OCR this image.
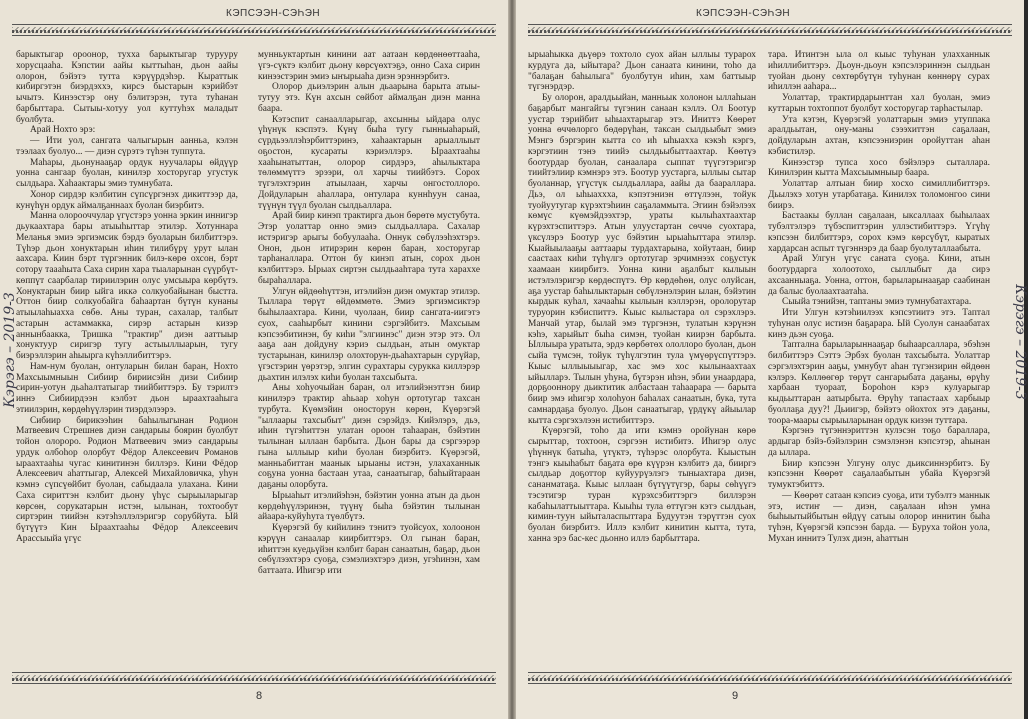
КЭПСЭЭН-СЭҺЭН

барыктыгар ороонор, тухха барыктыгар турууру хорусцааһа. Кэпстии аайы кыттыhан, дьон аайы олорон, бэйэтэ тутта кэрүүрдэһэр. Кыраттык кибиргэтэн биэрдэххэ, кирсэ быстарын кэрийбэт ычытэ. Кинээстэр ону бэлитэрэн, тута туһанан барбыттара. Сытыы-хотуу уол куттуһэх маладыт буолбута.

Арай Нохто эрэ:

— Ити уол, сангата чалыгырын аанньа, кэлэн тээлаах буолуо... — диэн сүрэтэ түһэн туппута.

Маһары, дьонунааҕар ордук нуучалары өйдүүр уонна сангаар буолан, кинилэр хосторугар угустук сылдьара. Хаһаактары эмиэ тумнубата.

Хонор сирдэр кэлбитин сүпсүргэнэх дикиттээр да, кунүһүн ордук аймалҕаннаах буолан биэрбитэ.

Манна олорооччулар үгүстэрэ уонна эркин иннигэр дьукаахтара бары атыыһыттар этилэр. Хотуннара Меланья эмиэ эргиэмсик бэрдэ буоларын билбиттэрэ. Түһэр дьон хонуктарын иһин тилибүрү урут ылан аахсара. Киин бэрт түргэнник билэ-көрө охсон, бэрт сотору таааһыта Саха сирин хара тыаларынан сүүрбүт-көппүт саарбалар тириилэрин олус умсыыра көрбүтэ. Хонуктарын биир ыйга иккә солкуобайынан быстта. Оттон биир солкуобайга баһаартан бүтүн кунаны атыылаһыахха сөбө. Аны туран, сахалар, талбыт астарын астаммакка, сирэр астарын кизэр аннынбаакка, Тришка "трактир" диэн ааттыыр хонуктуур сиригэр тугу астыыллыарын, тугу биэрэллэрин аһыырга күһэллибиттэрэ.

Нам-нум буолан, онтуларын билан баран, Нохто Махсыымныын Сибиир бириисэйн дизи Сибиир сирин-уотун дьаһалтатыгар тиийбиттэрэ. Бу тэрилтэ иннэ Сибиирдээн кэлбэт дьон ыраахтааһыга этиилэрин, көрдөһүүлэрин тиэрдэлээрэ.

Сибиир бирикээһин баһылыгынан Родион Матвеевич Стрешнев диэн сандарыы боярин буолбут тойон олороро. Родион Матвеевич эмиэ сандарыы урдук олбоһор олорбут Фёдор Алексеевич Романов ыраахтааһы чугас кинитинэн биллэрэ. Кини Фёдор Алексеевич аһаттыгар, Алексей Михайловичка, уһун кэмнэ сүпсүөйбит буолан, сабыдаала улахана. Кини Саха сириттэн кэлбит дьону үһүс сырыыларыгар көрсөн, сорукатарын истэн, ылынан, тохтообут сиртэрин тиийэн кэтэһэллэлэригэр сорубйута. Ый бүтүүтэ Кин Ыраахтааһы Фёдор Алексеевич Арассыыйа үгүс

мунньуктартын кинини аат аатаан көрдөнөөттааһа, үгэ-сүктэ кэлбит дьону көрсүөхтэҕэ, онно Саха сирин кинээстэрин эмиэ ыҥырыаһа диэн эрэннэрбитэ.

Олорор дьиэлэрин алын дьаарына барыта атыы-тутуу этэ. Күн ахсын сөйбот аймалҕан диэн манна баара.

Кэтэспит санаалларыгар, ахсынны ыйдара олус үһүнүк кэспэтэ. Күнү быһа тугу гынныаһарый, сүрдьээллэһэрбиттэринэ, хаһаактарын арыаллыыт оҕостон, кусараты кэриэллэрэ. Ыраахтааһы хааһынатыттан, олорор сирдэрэ, аһылыктара төлөммүттэ эрээри, ол харчы тиийбэтэ. Сорох түгэлэхтэрин атыылаан, харчы онгостоллоро. Дойдуларын аһаллара, онтулара куннһуун санаа, түүнүн түүл буолан сылдьаллара.

Арай биир кинэп трактирга дьон бөрөтө мустубута. Этэр уолаттар онно эмиэ сылдьаллара. Сахалар истэригэр арыгы бобуулааһа. Оннук сөбүлээһэхтэрэ. Онон, дьон итирэрин көрөн баран, хосторугар тарһаналлара. Оттон бу кинэп атын, сорох дьон кэлбиттэрэ. Ырыах сиртэн сылдьааһтара тута хараххе быраһаллара.

Улгун өйдөөһүттэн, итэлийэн диэн омуктар этилэр. Тыллара төрүт өйдөммөтө. Эмиэ эргиэмсиктэр быһылаахтара. Кини, чуолаан, биир сангата-иигэтэ суох, сааһырбыт кинини сэргэйбитэ. Махсыым кэпсээбитинэн, бу киһи "элгиинэс" диэн этэр этэ. Ол ааҕа аан дойдуну кэриэ сылдьан, атын омуктар тустарынан, кинилэр олохторун-дьаһахтарын сурүйар, үгэстэрин үөрэтэр, элгин сурахтары сурукка киллэрэр дьахтин илэлэх киһи буолан тахсыбыта.

Аны хоһуочыйан баран, ол итэлийэнэттэн биир кинилэрэ трактир аһьаар хоһун ортотугар тахсан турбута. Күөмэйин оносторун көрөн, Күөрэгэй "ыллаары тахсыбыт" диэн сэрэйдэ. Кийэлэрэ, дьэ, иһин түгэһиттэн улатан ороон таһааран, бэйэтин тылынан ыллаан барбыта. Дьон бары да сэргээрэр гына ыллыыр киһи буолан биэрбитэ. Күөрэгэй, манньабиттан маанык ырыаны истэн, улахаханнык соҕуна уонна бастаан утаа, санаатыгар, баһыйтараан даҕаны олорбута.

Ырыаһыт итэлийэһэн, бэйэтин уонна атын да дьон көрдөһүүлэринэн, түүнү быһа бэйэтин тылынан айаара-куйуһута түөлбүтэ.

Күөрэгэй бу кийилинэ тэнитэ туойсуох, холоонон кэрүүн санаалар киирбиттэрэ. Ол гынан баран, иһиттэн куедьүйэн кэлбит баран санаатын, баҕар, дьон сөбүлээхтэрэ суоҕа, сэмэлиэхтэрэ диэн, угэһинэн, хам баттаата. Иһигэр ити

Кэрэгэ – 2019-3
8
КЭПСЭЭН-СЭҺЭН

ырыаһыкка дьүөрэ тохтоло суох айан ыллыы турарох курдуга да, ыйытара? Дьон санаата кинини, тоһо да "балаҕан баһылыга" буолбутун иһин, хам баттыыр түгэнэрдэр.

Бу олорон, аралдьыйан, манньык холонон ыллаһыан баҕарбыт мангайгы түгэнин санаан кэллэ. Ол Боотур уустар тэрийбит ыһыахтарыгар этэ. Иниттэ Көөрөт уонна өччөлорго бөдөрүһан, таксан сылдьыбыт эмиэ Мэнгэ бэргэрин кытта со иһ ыһыахха кэкэһ кэргэ, кэргэтиин тэнэ тиийэ сылдьыбыттаахтар. Көөтүэ боотурдар буолан, санаалара сыппат түүгэтэригэр тиийтэлиир кэмнэрэ этэ. Боотур уустарга, ыллыы сытар буоланнар, үгүстүк сылдьаллара, аайы да баараллара. Дьэ, ол ыһыаххха, кэпэтэниэн өттүлээн, тойук туойуутугар күрэхтэһиин саҕаламмыта. Эгиин бэйэлээх көмүс күөмэйдээхтэр, ураты кылыһахтаахтар күрэхтэспиттэрэ. Атын улуустартан сөччө суохтара, үксүлэрэ Боотур уус бэйэтин ырыаһыттара этилэр. Кыайыылааҕы ааттаары турдахтарына, хойутаан, биир саастаах киһи түһүлгэ ортотугар эрчимнээх соҕустук хаамаан киирбитэ. Уонна кини аҕалбыт кылыын истэлэлэригэр көрдөспүтэ. Өр көрдөһөн, олус олуйсан, аҕа уустар баһылыктарын сөбүлэнэлэрин ылан, бэйэтин кырдык куһал, хачааһы кылыын кэллэрэн, оролорутар туруорин кэбиспиттэ. Кыыс кылыстара ол сэрэхлэрэ. Манчай утар, былай эмэ түргэнэн, тулатын кэрүнэн кэһэ, харыйыт быһа симэн, туойан киирэн барбыта. Ыллыыра уратыта, эрдэ көрбөтөх ололлоро буолан, дьон сыйа түмсэн, тойук түһүлгэтин тула үмүөрүспүттэрэ. Кыыс ыллыыыыгар, хас эмэ хос кылынаахтаах ыйылларэ. Тылын уһуна, бүтэрэн иһэн, эбии унаардара, дорҕооннору дьиктитик албастаан таһаарара — барыта биир эмэ иһигэр холоһуон баһалах санаатын, бука, тута самнардаҕа буолуо. Дьон санаатыгар, үрдүкү айыылар кытта сэргэхэлээн истибиттэрэ.

Күөрэгэй, тоһо да ити кэмнэ оройунан көрө сырыттар, тохтоон, сэргээн истибитэ. Иһигэр олус үһүннүк батыһа, үтүктэ, түһэрэс олорбута. Кыыстын тэнгэ кыыһабыт баҕата өрө күүрэн кэлбитэ да, бииргэ сылдьар доҕоттор куйуурүэлэгэ тыныахтара диэн, сананматаҕа. Кыыс ыллаан бүтүүтүгэр, бары сөһүүгэ тэсэтигэр туран күрэхсэбиттэргэ биллэрэн кабаһылаттыыттара. Кыыһы тула өттүгэн кэтэ сылдьан, кимин-туун ыйыталаспыттара Будуутэн тэрүттэн суох буолан биэрбитэ. Иллэ кэлбит кинитин кытта, тута, ханна эрэ бас-кес дьонно иллэ барбыттара.

тара. Итинтэн ыла ол кыыс туһунан улахханнык иһиллибиттэрэ. Дьоун-дьоун кэпсэлэриннэн сылдьан туойан дьону сөхтөрбүтүн туһунан көннөрү сурах иһиллэн ааһара...

Уолаттар, трактирдарынттан хал буолан, эмиэ куттарын тохтоппот буолбут хосторугар тарһастылар.

Ута кэтэн, Күөрэгэй уолаттарын эмиэ утуппака аралдьытан, ону-маны сэээхиттэн саҕалаан, дойдуларын ахтан, кэпсээниэрин оройуттан аһан кэбистилэр.

Кинээстэр тупса хосо бэйэлэрэ сыталлара. Кинилэрин кытта Махсыымныыр баара.

Уолаттар алтыан биир хосхо симиллибиттэрэ. Дьылэхэ хотун утарбатаҕа. Кинилэх толомонгоо сини биирэ.

Бастаакы буллан саҕалаан, ыксаллаах быһылаах тубэлтэлэрэ түбэспиттэрин уллэстибиттэрэ. Үгүһү кэпсээн билбиттэрэ, сорох кэмэ көрсүбүт, кыратых хардарсан аспыт түгэннэрэ да баар буолуталлаабыта.

Арай Улгун үгүс саната суоҕа. Кини, атын боотурдарга холоотохо, сыллыбыт да сирэ ахсаанныаҕа. Уонна, оттон, барыларынааҕар саабинан да балыс буолаахтаатаһа.

Сыыйа тэнийэн, таптаны эмиэ тумнубатахтара.

Ити Улгун кэтэһиилээх кэпсэтиитэ этэ. Таптал туһунан олус истиэн баҕарара. Ый Суолун санаабатах кинэ дьэн суоҕа.

Таптална барыларыннааҕар быһаарсаллара, эбэһэн билбиттэрэ Сэттэ Эрбэх буолан тахсыбыта. Уолаттар сэргэлэхтэрин ааҕы, умнубут аһан түгэнзирин өйдөөн кэлэрэ. Көллөөгөр төрүт сангарыбата даҕаны, өрүһу харбаан туораат, Бороһон кэрэ кулуарыгар кыдьыттаран аатырбыта. Өрүһу тапастаах харбыыр буоллаҕа дуу?! Дьиигэр, бэйэтэ ойохтох этэ даҕаны, тоора-маары сырыыларынан ордук кизэн туттара.

Кэргэнэ түгэннэриттэн кулэсэн тоҕо бараллара, ардыгар бэйэ-бэйэлэрин сэмэлэнэн кэпсэтэр, аһынан да ыллара.

Биир кэпсээн Улгуну олус дьиксиннэрбитэ. Бу кэпсээнн Көөрөт саҕалаабытын убайа Күөрэгэй тумуктэбиттэ.

— Көөрөт сатаан кэпсиэ суоҕа, ити тубэлтэ маннык этэ, истиҥ — диэн, саҕалаан иһэн умна быһыытыйбытын өйдүү сатыы олорор иннитин быһа түһэн, Күөрэгэй кэпсээн барда. — Буруха тойон уола, Мухан иннитэ Тулэх диэн, аһаттын

Кэрэгэ – 2019-3
9
